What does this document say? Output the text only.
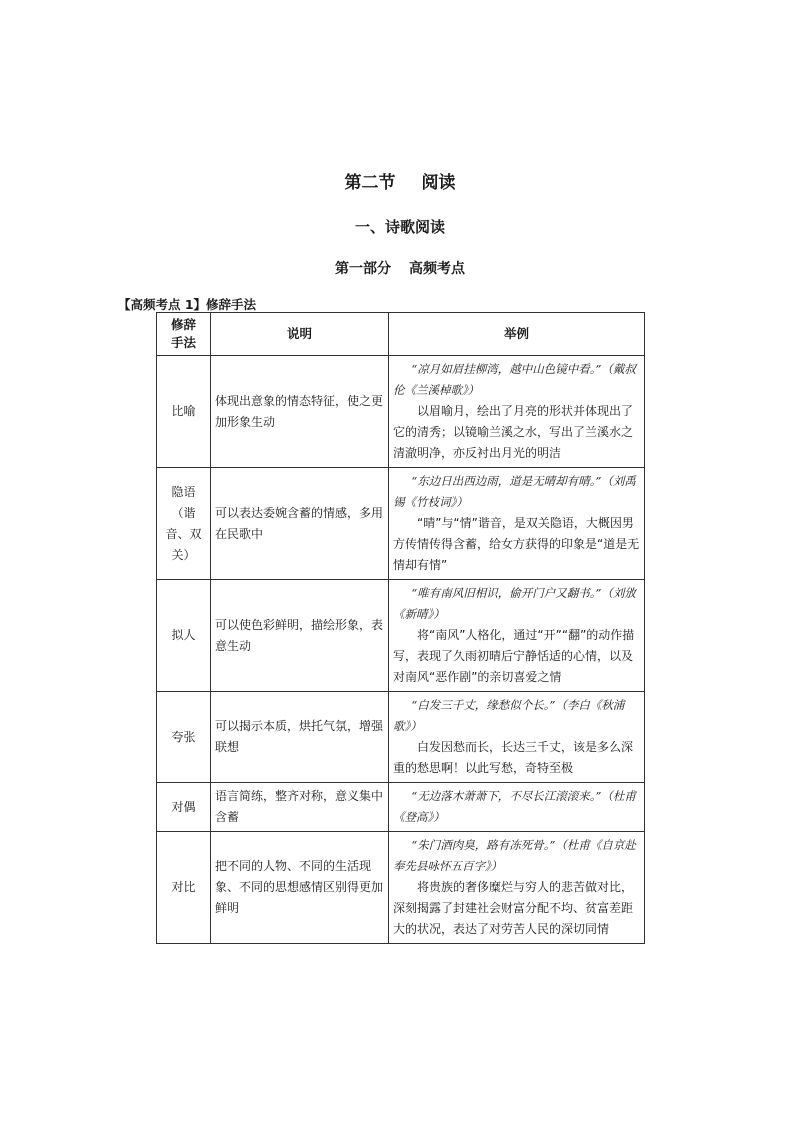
第二节 阅读
一、诗歌阅读
第一部分 高频考点
【高频考点 1】修辞手法
修辞
手法	说明	举例
比喻	体现出意象的情态特征，使之更加形象生动	“凉月如眉挂柳湾，越中山色镜中看。”（戴叔伦《兰溪棹歌》）
以眉喻月，绘出了月亮的形状并体现出了它的清秀；以镜喻兰溪之水，写出了兰溪水之清澈明净，亦反衬出月光的明洁

隐语（谐音、双关）	可以表达委婉含蓄的情感，多用在民歌中	“东边日出西边雨，道是无晴却有晴。”（刘禹锡《竹枝词》）
“晴”与“情”谐音，是双关隐语，大概因男方传情传得含蓄，给女方获得的印象是“道是无情却有情”

拟人	可以使色彩鲜明，描绘形象，表意生动	“唯有南风旧相识，偷开门户又翻书。”（刘攽《新晴》）
将“南风”人格化，通过“开”“翻”的动作描写，表现了久雨初晴后宁静恬适的心情，以及对南风“恶作剧”的亲切喜爱之情

夸张	可以揭示本质，烘托气氛，增强联想	“白发三千丈，缘愁似个长。”（李白《秋浦歌》）
白发因愁而长，长达三千丈，该是多么深重的愁思啊！以此写愁，奇特至极

对偶	语言简练，整齐对称，意义集中含蓄	“无边落木萧萧下，不尽长江滚滚来。”（杜甫《登高》）

对比	把不同的人物、不同的生活现象、不同的思想感情区别得更加鲜明	“朱门酒肉臭，路有冻死骨。”（杜甫《自京赴奉先县咏怀五百字》）
将贵族的奢侈糜烂与穷人的悲苦做对比，深刻揭露了封建社会财富分配不均、贫富差距大的状况，表达了对劳苦人民的深切同情
